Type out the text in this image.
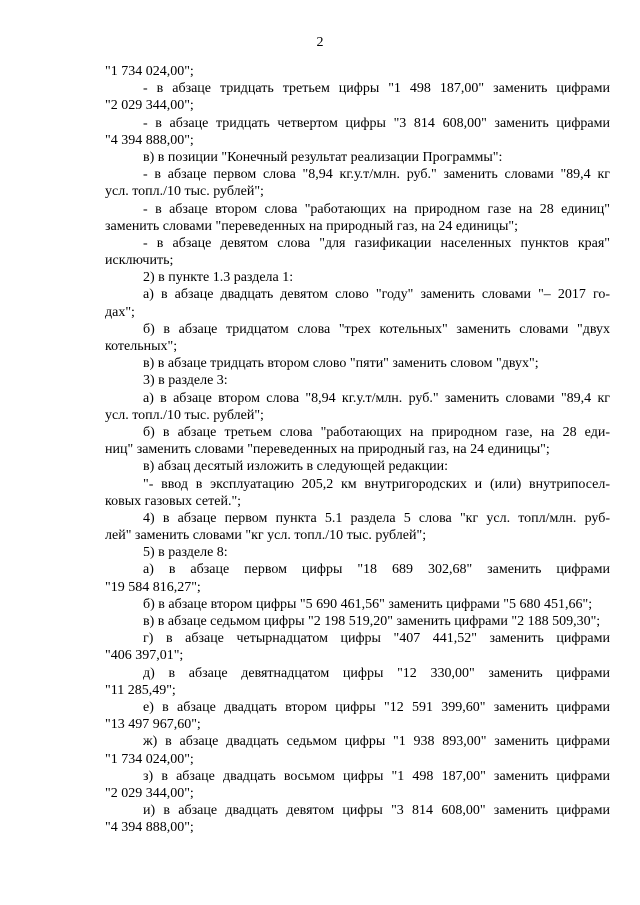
2
"1 734 024,00";
- в абзаце тридцать третьем цифры "1 498 187,00" заменить цифрами
"2 029 344,00";
- в абзаце тридцать четвертом цифры "3 814 608,00" заменить цифрами
"4 394 888,00";
в) в позиции "Конечный результат реализации Программы":
- в абзаце первом слова "8,94 кг.у.т/млн. руб." заменить словами "89,4 кг
усл. топл./10 тыс. рублей";
- в абзаце втором слова "работающих на природном газе на 28 единиц"
заменить словами "переведенных на природный газ, на 24 единицы";
- в абзаце девятом слова "для газификации населенных пунктов края"
исключить;
2) в пункте 1.3 раздела 1:
а) в абзаце двадцать девятом слово "году" заменить словами "– 2017 го-
дах";
б) в абзаце тридцатом слова "трех котельных" заменить словами "двух
котельных";
в) в абзаце тридцать втором слово "пяти" заменить словом "двух";
3) в разделе 3:
а) в абзаце втором слова "8,94 кг.у.т/млн. руб." заменить словами "89,4 кг
усл. топл./10 тыс. рублей";
б) в абзаце третьем слова "работающих на природном газе, на 28 еди-
ниц" заменить словами "переведенных на природный газ, на 24 единицы";
в) абзац десятый изложить в следующей редакции:
"- ввод в эксплуатацию 205,2 км внутригородских и (или) внутрипосел-
ковых газовых сетей.";
4) в абзаце первом пункта 5.1 раздела 5 слова "кг усл. топл/млн. руб-
лей" заменить словами "кг усл. топл./10 тыс. рублей";
5) в разделе 8:
а) в абзаце первом цифры "18 689 302,68" заменить цифрами
"19 584 816,27";
б) в абзаце втором цифры "5 690 461,56" заменить цифрами "5 680 451,66";
в) в абзаце седьмом цифры "2 198 519,20" заменить цифрами "2 188 509,30";
г) в абзаце четырнадцатом цифры "407 441,52" заменить цифрами
"406 397,01";
д) в абзаце девятнадцатом цифры "12 330,00" заменить цифрами
"11 285,49";
е) в абзаце двадцать втором цифры "12 591 399,60" заменить цифрами
"13 497 967,60";
ж) в абзаце двадцать седьмом цифры "1 938 893,00" заменить цифрами
"1 734 024,00";
з) в абзаце двадцать восьмом цифры "1 498 187,00" заменить цифрами
"2 029 344,00";
и) в абзаце двадцать девятом цифры "3 814 608,00" заменить цифрами
"4 394 888,00";
